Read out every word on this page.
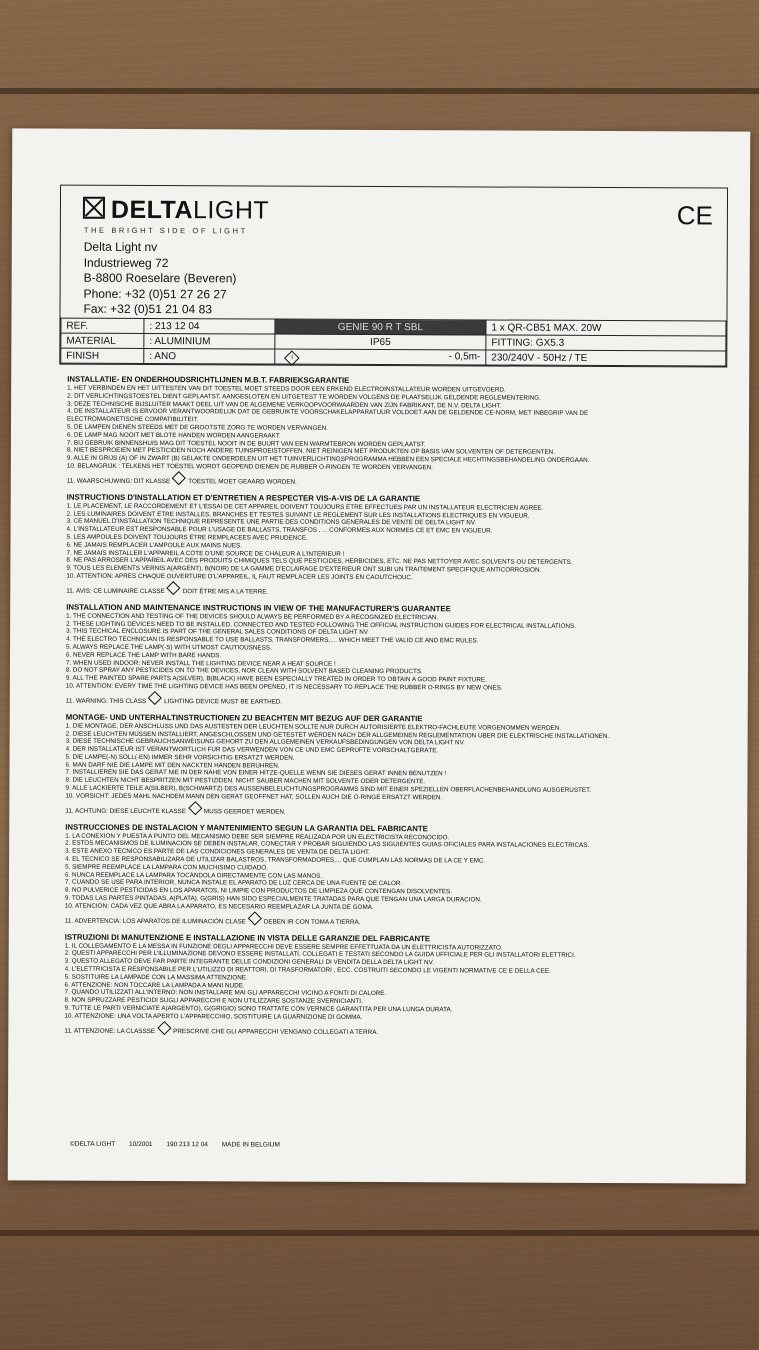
DELTALIGHT
THE BRIGHT SIDE OF LIGHT
Delta Light nv
Industrieweg 72
B-8800 Roeselare (Beveren)
Phone: +32 (0)51 27 26 27
Fax: +32 (0)51 21 04 83
CE
REF.	: 213 12 04	GENIE 90 R T SBL	1 x QR-CB51 MAX. 20W
MATERIAL	: ALUMINIUM	IP65	FITTING: GX5.3
FINISH	: ANO	I - 0,5m-	230/240V - 50Hz / TE

INSTALLATIE- EN ONDERHOUDSRICHTLIJNEN M.B.T. FABRIEKSGARANTIE

1. HET VERBINDEN EN HET UITTESTEN VAN DIT TOESTEL MOET STEEDS DOOR EEN ERKEND ELECTROINSTALLATEUR WORDEN UITGEVOERD.

2. DIT VERLICHTINGSTOESTEL DIENT GEPLAATST, AANGESLOTEN EN UITGETEST TE WORDEN VOLGENS DE PLAATSELIJK GELDENDE REGLEMENTERING.

3. DEZE TECHNISCHE BIJSLUITER MAAKT DEEL UIT VAN DE ALGEMENE VERKOOPVOORWAARDEN VAN ZIJN FABRIKANT, DE N.V. DELTA LIGHT.

4. DE INSTALLATEUR IS ERVOOR VERANTWOORDELIJK DAT DE GEBRUIKTE VOORSCHAKELAPPARATUUR VOLDOET AAN DE GELDENDE CE-NORM, MET INBEGRIP VAN DE

ELECTROMAGNETISCHE COMPATIBILITEIT.

5. DE LAMPEN DIENEN STEEDS MET DE GROOTSTE ZORG TE WORDEN VERVANGEN.

6. DE LAMP MAG NOOIT MET BLOTE HANDEN WORDEN AANGERAAKT.

7. BIJ GEBRUIK BINNENSHUIS MAG DIT TOESTEL NOOIT IN DE BUURT VAN EEN WARMTEBRON WORDEN GEPLAATST.

8. NIET BESPROEIEN MET PESTICIDEN NOCH ANDERE TUINSPROEISTOFFEN. NIET REINIGEN MET PRODUKTEN OP BASIS VAN SOLVENTEN OF DETERGENTEN.

9. ALLE IN GRIJS (A) OF IN ZWART (B) GELAKTE ONDERDELEN UIT HET TUINVERLICHTINGSPROGRAMMA HEBBEN EEN SPECIALE HECHTINGSBEHANDELING ONDERGAAN.

10. BELANGRIJK : TELKENS HET TOESTEL WORDT GEOPEND DIENEN DE RUBBER O-RINGEN TE WORDEN VERVANGEN.

11. WAARSCHUWING: DIT KLASSE	TOESTEL MOET GEAARD WORDEN.

INSTRUCTIONS D'INSTALLATION ET D'ENTRETIEN A RESPECTER VIS-A-VIS DE LA GARANTIE

1. LE PLACEMENT, LE RACCORDEMENT ET L'ESSAI DE CET APPAREIL DOIVENT TOUJOURS ÊTRE EFFECTUES PAR UN INSTALLATEUR ELECTRICIEN AGREE.

2. LES LUMINAIRES DOIVENT ÊTRE INSTALLES, BRANCHES ET TESTES SUIVANT LE REGLEMENT SUR LES INSTALLATIONS ELECTRIQUES EN VIGUEUR.

3. CE MANUEL D'INSTALLATION TECHNIQUE REPRESENTE UNE PARTIE DES CONDITIONS GENERALES DE VENTE DE DELTA LIGHT NV.

4. L'INSTALLATEUR EST RESPONSABLE POUR L'USAGE DE BALLASTS, TRANSFOS , ... CONFORMES AUX NORMES CE ET EMC EN VIGUEUR.

5. LES AMPOULES DOIVENT TOUJOURS ÊTRE REMPLACEES AVEC PRUDENCE.

6. NE JAMAIS REMPLACER L'AMPOULE AUX MAINS NUES.

7. NE JAMAIS INSTALLER L'APPAREIL A CÔTE D'UNE SOURCE DE CHALEUR A L'INTERIEUR !

8. NE PAS ARROSER L'APPAREIL AVEC DES PRODUITS CHIMIQUES TELS QUE PESTICIDES, HERBICIDES, ETC. NE PAS NETTOYER AVEC SOLVENTS OU DETERGENTS.

9. TOUS LES ELEMENTS VERNIS A(ARGENT), B(NOIR) DE LA GAMME D'ECLAIRAGE D'EXTERIEUR ONT SUBI UN TRAITEMENT SPECIFIQUE ANTICORROSION.

10. ATTENTION: APRES CHAQUE OUVERTURE D'L'APPAREIL, IL FAUT REMPLACER LES JOINTS EN CAOUTCHOUC.

11. AVIS: CE LUMINAIRE CLASSE	DOIT ÊTRE MIS A LA TERRE.

INSTALLATION AND MAINTENANCE INSTRUCTIONS IN VIEW OF THE MANUFACTURER'S GUARANTEE

1. THE CONNECTION AND TESTING OF THE DEVICES SHOULD ALWAYS BE PERFORMED BY A RECOGNIZED ELECTRICIAN.

2. THESE LIGHTING DEVICES NEED TO BE INSTALLED, CONNECTED AND TESTED FOLLOWING THE OFFICIAL INSTRUCTION GUIDES FOR ELECTRICAL INSTALLATIONS.

3. THIS TECHICAL ENCLOSURE IS PART OF THE GENERAL SALES CONDITIONS OF DELTA LIGHT NV

4. THE ELECTRO TECHNICIAN IS RESPONSABLE TO USE BALLASTS, TRANSFORMERS,.... WHICH MEET THE VALID CE AND EMC RULES.

5. ALWAYS REPLACE THE LAMP(-S) WITH UTMOST CAUTIOUSNESS.

6. NEVER REPLACE THE LAMP WITH BARE HANDS.

7. WHEN USED INDOOR: NEVER INSTALL THE LIGHTING DEVICE NEAR A HEAT SOURCE !

8. DO NOT SPRAY ANY PESTICIDES ON TO THE DEVICES, NOR CLEAN WITH SOLVENT BASED CLEANING PRODUCTS.

9. ALL THE PAINTED SPARE PARTS A(SILVER), B(BLACK) HAVE BEEN ESPECIALLY TREATED IN ORDER TO OBTAIN A GOOD PAINT FIXTURE.

10. ATTENTION: EVERY TIME THE LIGHTING DEVICE HAS BEEN OPENED, IT IS NECESSARY TO REPLACE THE RUBBER O-RINGS BY NEW ONES.

11. WARNING: THIS CLASS	LIGHTING DEVICE MUST BE EARTHED.

MONTAGE- UND UNTERHALTINSTRUCTIONEN ZU BEACHTEN MIT BEZUG AUF DER GARANTIE

1. DIE MONTAGE, DER ANSCHLUSS UND DAS AUSTESTEN DER LEUCHTEN SOLLTE NUR DURCH AUTORISIERTE ELEKTRO-FACHLEUTE VORGENOMMEN WERDEN.

2. DIESE LEUCHTEN MÜSSEN INSTALLIERT, ANGESCHLOSSEN UND GETESTET WERDEN NACH DER ALLGEMEINEN REGLEMENTATION ÜBER DIE ELEKTRISCHE INSTALLATIONEN.

3. DIESE TECHNISCHE GEBRAUCHSANWEISUNG GEHÖRT ZU DEN ALLGEMEINEN VERKAUFSBEDINGUNGEN VON DELTA LIGHT NV.

4. DER INSTALLATEUR IST VERANTWORTLICH FÜR DAS VERWENDEN VON CE UND EMC GEPRÜFTE VORSCHALTGERÄTE.

5. DIE LAMPE(-N) SOLL(-EN) IMMER SEHR VORSICHTIG ERSÄTZT WERDEN.

6. MAN DARF NIE DIE LAMPE MIT DEN NACKTEN HÄNDEN BERÜHREN.

7. INSTALLIEREN SIE DAS GERÄT NIE IN DER NÄHE VON EINER HITZE-QUELLE WENN SIE DIESES GERÄT INNEN BENUTZEN !

8. DIE LEUCHTEN NICHT BESPRITZEN MIT PESTIZIDEN. NICHT SAUBER MACHEN MIT SOLVENTE ODER DETERGENTE.

9. ALLE LACKIERTE TEILE A(SILBER), B(SCHWARTZ) DES AUSSENBELEUCHTUNGSPROGRAMMS SIND MIT EINER SPEZIELLEN OBERFLÄCHENBEHANDLUNG AUSGERÜSTET.

10. VORSICHT: JEDES MAHL NACHDEM MANN DEN GERÄT GEÖFFNET HAT, SOLLEN AUCH DIE O-RINGE ERSÄTZT WERDEN.

11. ACHTUNG: DIESE LEUCHTE KLASSE	MUSS GEERDET WERDEN.

INSTRUCCIONES DE INSTALACION Y MANTENIMIENTO SEGUN LA GARANTIA DEL FABRICANTE

1. LA CONEXIÓN Y PUESTA A PUNTO DEL MECANISMO DEBE SER SIEMPRE REALIZADA POR UN ELECTRICISTA RECONOCIDO.

2. ESTOS MECANISMOS DE ILUMINACIÓN SE DEBEN INSTALAR, CONECTAR Y PROBAR SIGUIENDO LAS SIGUIENTES GUIAS OFICIALES PARA INSTALACIONES ELÉCTRICAS.

3. ESTE ANEXO TÉCNICO ES PARTE DE LAS CONDICIONES GENERALES DE VENTA DE DELTA LIGHT.

4. EL TÉCNICO SE RESPONSABILIZARÁ DE UTILIZAR BALASTROS, TRANSFORMADORES,... QUE CUMPLAN LAS NORMAS DE LA CE Y EMC.

5. SIEMPRE REEMPLACE LA LÁMPARA CON MUCHISIMO CUIDADO.

6. NUNCA REEMPLACE LA LÁMPARA TOCÁNDOLA DIRECTAMENTE CON LAS MANOS.

7. CUANDO SE USE PARA INTERIOR, NUNCA INSTALE EL APARATO DE LUZ CERCA DE UNA FUENTE DE CALOR.

8. NO PULVERICE PESTICIDAS EN LOS APARATOS, NI LIMPIE CON PRODUCTOS DE LIMPIEZA QUE CONTENGAN DISOLVENTES.

9. TODAS LAS PARTES PINTADAS, A(PLATA), G(GRIS) HAN SIDO ESPECIALMENTE TRATADAS PARA QUE TENGAN UNA LARGA DURACIÓN.

10. ATENCIÓN: CADA VEZ QUE ABRA LA APARATO, ES NECESARIO REEMPLAZAR LA JUNTA DE GOMA.

11. ADVERTENCIA: LOS APARATOS DE ILUMINACIÓN CLASE	DEBEN IR CON TOMA A TIERRA.

ISTRUZIONI DI MANUTENZIONE E INSTALLAZIONE IN VISTA DELLE GARANZIE DEL FABRICANTE

1. IL COLLEGAMENTO E LA MESSA IN FUNZIONE DEGLI APPARECCHI DEVE ESSERE SEMPRE EFFETTUATA DA UN ELETTRICISTA AUTORIZZATO.

2. QUESTI APPARECCHI PER L'ILLUMINAZIONE DEVONO ESSERE INSTALLATI, COLLEGATI E TESTATI SECONDO LA GUIDA UFFICIALE PER GLI INSTALLATORI ELETTRICI.

3. QUESTO ALLEGATO DEVE FAR PARTE INTEGRANTE DELLE CONDIZIONI GENERALI DI VENDITA DELLA DELTA LIGHT NV.

4. L'ELETTRICISTA E RESPONSABILE PER L'UTILIZZO DI REATTORI, DI TRASFORMATORI , ECC. COSTRUITI SECONDO LE VIGENTI NORMATIVE CE E DELLA CEE.

5. SOSTITUIRE LA LAMPADE CON LA MASSIMA ATTENZIONE.

6. ATTENZIONE: NON TOCCARE LA LAMPADA A MANI NUDE.

7. QUANDO UTILIZZATI ALL'INTERNO: NON INSTALLARE MAI GLI APPARECCHI VICINO A FONTI DI CALORE.

8. NON SPRUZZARE PESTICIDI SUGLI APPARECCHI E NON UTILIZZARE SOSTANZE SVERNICIANTI.

9. TUTTE LE PARTI VERNICIATE A(ARGENTO), G(GRIGIO) SONO TRATTATE CON VERNICE GARANTITA PER UNA LUNGA DURATA.

10. ATTENZIONE: UNA VOLTA APERTO L'APPARECCHIO, SOSTITUIRE LA GUARNIZIONE DI GOMMA.

11. ATTENZIONE: LA CLASSSE	PRESCRIVE CHE GLI APPARECCHI VENGANO COLLEGATI A TERRA.

©DELTA LIGHT 10/2001 190 213 12 04 MADE IN BELGIUM
